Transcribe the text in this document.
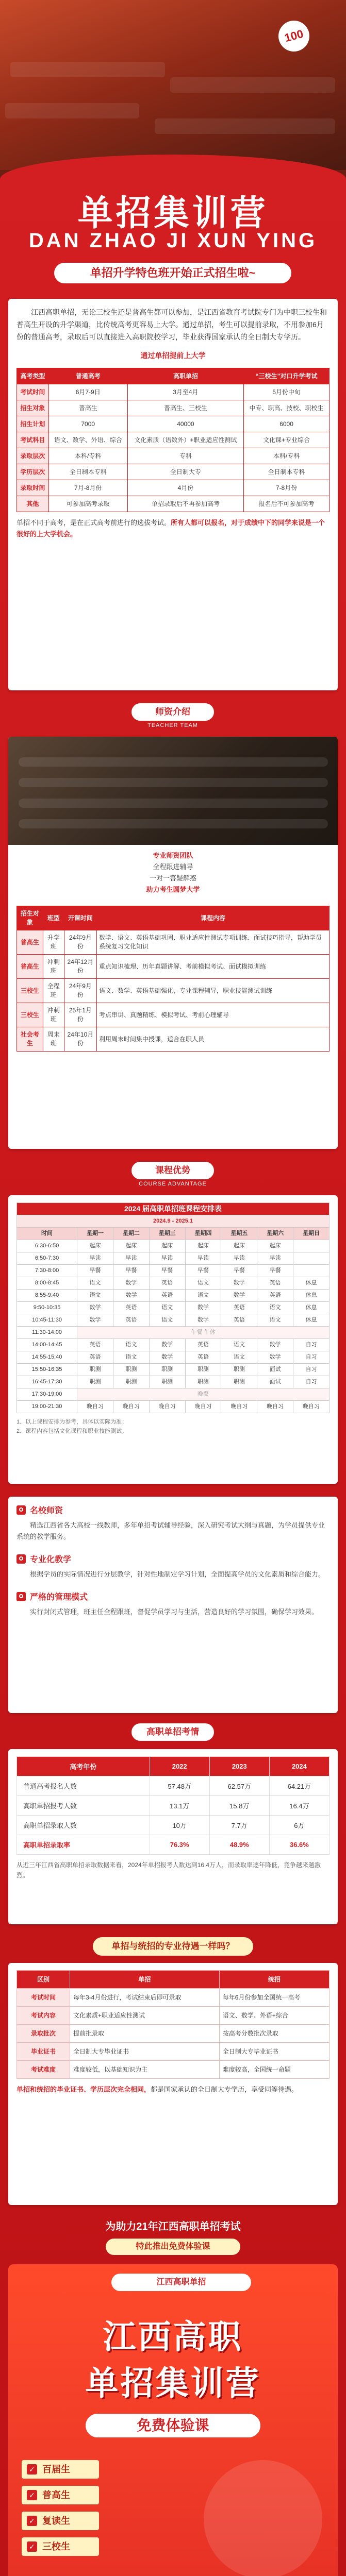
100
单招集训营
DAN ZHAO JI XUN YING
单招升学特色班开始正式招生啦~
江西高职单招，无论三校生还是普高生都可以参加，是江西省教育考试院专门为中职三校生和普高生开设的升学渠道，比传统高考更容易上大学。通过单招，考生可以提前录取，不用参加6月份的普通高考，录取后可以直接进入高职院校学习，毕业获得国家承认的全日制大专学历。
通过单招提前上大学
高考类型	普通高考	高职单招	“三校生”对口升学考试
考试时间	6月7-9日	3月至4月	5月份中旬
招生对象	普高生	普高生、三校生	中专、职高、技校、职校生
招生计划	7000	40000	6000
考试科目	语文、数学、外语、综合	文化素质（语数外）+职业适应性测试	文化课+专业综合
录取层次	本科/专科	专科	本科/专科
学历层次	全日制本专科	全日制大专	全日制本专科
录取时间	7月-8月份	4月份	7-8月份
其他	可参加高考录取	单招录取后不再参加高考	报名后不可参加高考
单招不同于高考，是在正式高考前进行的选拔考试。所有人都可以报名，对于成绩中下的同学来说是一个很好的上大学机会。
师资介绍
TEACHER TEAM
专业师资团队
全程跟进辅导
一对一答疑解惑
助力考生圆梦大学
招生对象	班型	开课时间	课程内容
普高生	升学班	24年9月份	数学、语文、英语基础巩固、职业适应性测试专项训练、面试技巧指导，帮助学员系统复习文化知识
普高生	冲刺班	24年12月份	重点知识梳理、历年真题讲解、考前模拟考试、面试模拟训练
三校生	全程班	24年9月份	语文、数学、英语基础强化，专业课程辅导，职业技能测试训练
三校生	冲刺班	25年1月份	考点串讲、真题精练、模拟考试、考前心理辅导
社会考生	周末班	24年10月份	利用周末时间集中授课，适合在职人员
课程优势
COURSE ADVANTAGE
2024 届高职单招班课程安排表							
2024.9 - 2025.1							
时间	星期一	星期二	星期三	星期四	星期五	星期六	星期日
6:30-6:50	起床	起床	起床	起床	起床	起床	
6:50-7:30	早读	早读	早读	早读	早读	早读	
7:30-8:00	早餐	早餐	早餐	早餐	早餐	早餐	
8:00-8:45	语文	数学	英语	语文	数学	英语	休息
8:55-9:40	语文	数学	英语	语文	数学	英语	休息
9:50-10:35	数学	英语	语文	数学	英语	语文	休息
10:45-11:30	数学	英语	语文	数学	英语	语文	休息
11:30-14:00	午餐 午休						
14:00-14:45	英语	语文	数学	英语	语文	数学	自习
14:55-15:40	英语	语文	数学	英语	语文	数学	自习
15:50-16:35	职测	职测	职测	职测	职测	面试	自习
16:45-17:30	职测	职测	职测	职测	职测	面试	自习
17:30-19:00	晚餐						
19:00-21:30	晚自习	晚自习	晚自习	晚自习	晚自习	晚自习	晚自习
1、以上课程安排为参考，具体以实际为准；
2、课程内容包括文化课程和职业技能测试。
名校师资
精选江西省各大高校一线教师，多年单招考试辅导经验，深入研究考试大纲与真题，为学员提供专业系统的教学服务。
专业化教学
根据学员的实际情况进行分层教学，针对性地制定学习计划，全面提高学员的文化素质和综合能力。
严格的管理模式
实行封闭式管理，班主任全程跟班，督促学员学习与生活，营造良好的学习氛围，确保学习效果。
高职单招考情
高考年份	2022	2023	2024
普通高考报名人数	57.48万	62.57万	64.21万
高职单招报考人数	13.1万	15.8万	16.4万
高职单招录取人数	10万	7.7万	6万
高职单招录取率	76.3%	48.9%	36.6%
从近三年江西省高职单招录取数据来看，2024年单招报考人数达到16.4万人，而录取率逐年降低，竞争越来越激烈。
单招与统招的专业待遇一样吗？
区别	单招	统招
考试时间	每年3-4月份进行，考试结束后即可录取	每年6月份参加全国统一高考
考试内容	文化素质+职业适应性测试	语文、数学、外语+综合
录取批次	提前批录取	按高考分数批次录取
毕业证书	全日制大专毕业证书	全日制大专毕业证书
考试难度	难度较低，以基础知识为主	难度较高，全国统一命题
单招和统招的毕业证书、学历层次完全相同，都是国家承认的全日制大专学历，享受同等待遇。
为助力21年江西高职单招考试
特此推出免费体验课
江西高职单招
江西高职
单招集训营
免费体验课
✓ 百届生
✓ 普高生
✓ 复读生
✓ 三校生
